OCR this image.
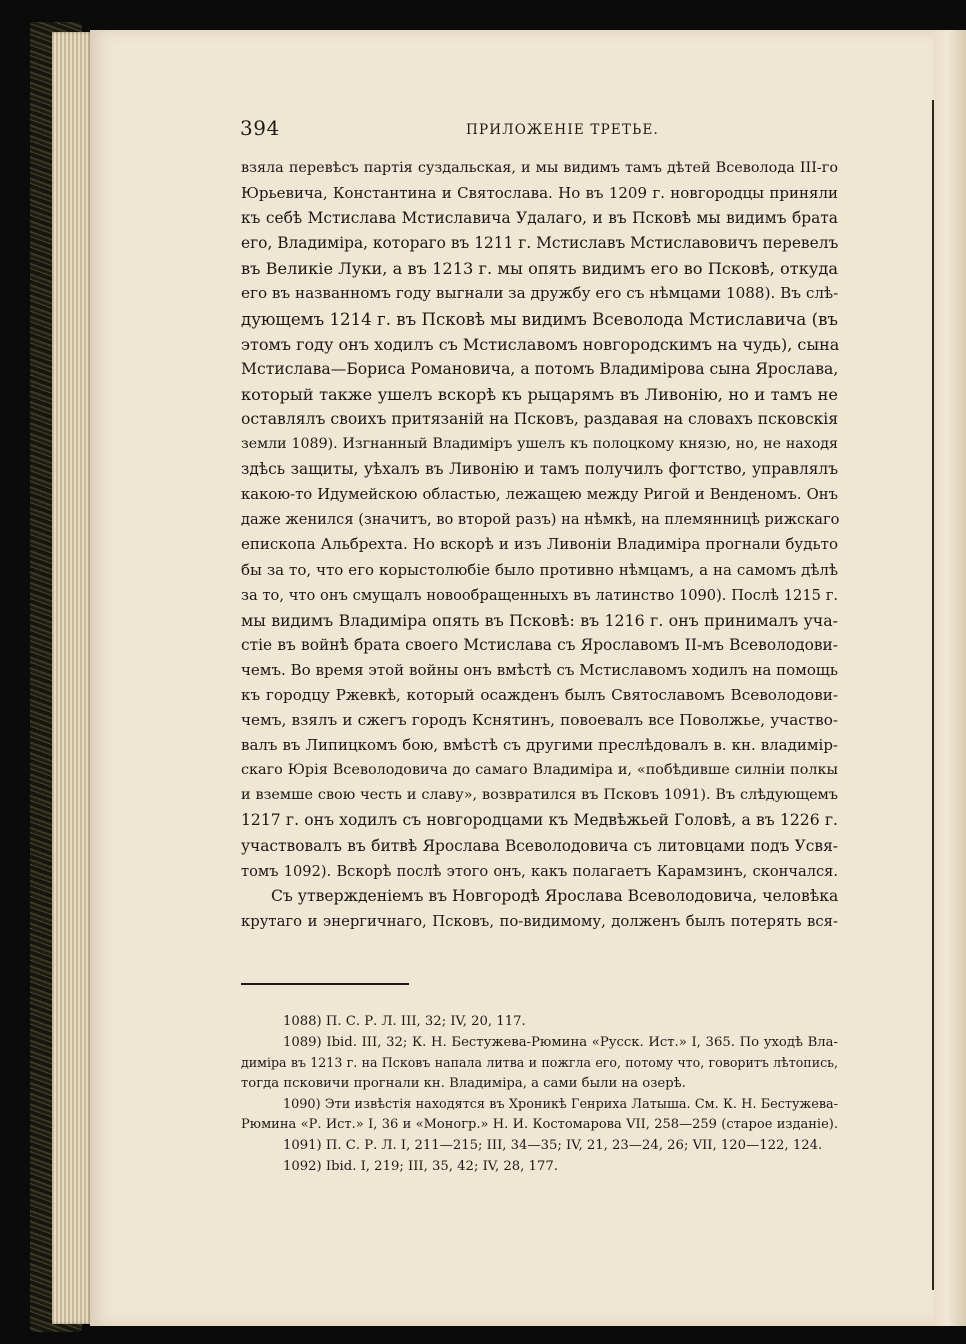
394	ПРИЛОЖЕНІЕ ТРЕТЬЕ.
взяла перевѣсъ партія суздальская, и мы видимъ тамъ дѣтей Всеволода III-го
Юрьевича, Константина и Святослава. Но въ 1209 г. новгородцы приняли
къ себѣ Мстислава Мстиславича Удалаго, и въ Псковѣ мы видимъ брата
его, Владиміра, котораго въ 1211 г. Мстиславъ Мстиславовичъ перевелъ
въ Великіе Луки, а въ 1213 г. мы опять видимъ его во Псковѣ, откуда
его въ названномъ году выгнали за дружбу его съ нѣмцами 1088). Въ слѣ-
дующемъ 1214 г. въ Псковѣ мы видимъ Всеволода Мстиславича (въ
этомъ году онъ ходилъ съ Мстиславомъ новгородскимъ на чудь), сына
Мстислава—Бориса Романовича, а потомъ Владимірова сына Ярослава,
который также ушелъ вскорѣ къ рыцарямъ въ Ливонію, но и тамъ не
оставлялъ своихъ притязаній на Псковъ, раздавая на словахъ псковскія
земли 1089). Изгнанный Владиміръ ушелъ къ полоцкому князю, но, не находя
здѣсь защиты, уѣхалъ въ Ливонію и тамъ получилъ фогтство, управлялъ
какою-то Идумейскою областью, лежащею между Ригой и Венденомъ. Онъ
даже женился (значитъ, во второй разъ) на нѣмкѣ, на племянницѣ рижскаго
епископа Альбрехта. Но вскорѣ и изъ Ливоніи Владиміра прогнали будьто
бы за то, что его корыстолюбіе было противно нѣмцамъ, а на самомъ дѣлѣ
за то, что онъ смущалъ новообращенныхъ въ латинство 1090). Послѣ 1215 г.
мы видимъ Владиміра опять въ Псковѣ: въ 1216 г. онъ принималъ уча-
стіе въ войнѣ брата своего Мстислава съ Ярославомъ II-мъ Всеволодови-
чемъ. Во время этой войны онъ вмѣстѣ съ Мстиславомъ ходилъ на помощь
къ городцу Ржевкѣ, который осажденъ былъ Святославомъ Всеволодови-
чемъ, взялъ и сжегъ городъ Кснятинъ, повоевалъ все Поволжье, участво-
валъ въ Липицкомъ бою, вмѣстѣ съ другими преслѣдовалъ в. кн. владимір-
скаго Юрія Всеволодовича до самаго Владиміра и, «побѣдивше силніи полкы
и вземше свою честь и славу», возвратился въ Псковъ 1091). Въ слѣдующемъ
1217 г. онъ ходилъ съ новгородцами къ Медвѣжьей Головѣ, а въ 1226 г.
участвовалъ въ битвѣ Ярослава Всеволодовича съ литовцами подъ Усвя-
томъ 1092). Вскорѣ послѣ этого онъ, какъ полагаетъ Карамзинъ, скончался.
Съ утвержденіемъ въ Новгородѣ Ярослава Всеволодовича, человѣка
крутаго и энергичнаго, Псковъ, по-видимому, долженъ былъ потерять вся-
1088) П. С. Р. Л. III, 32; IV, 20, 117.
1089) Ibid. III, 32; К. Н. Бестужева-Рюмина «Русск. Ист.» I, 365. По уходѣ Вла-
диміра въ 1213 г. на Псковъ напала литва и пожгла его, потому что, говоритъ лѣтопись,
тогда псковичи прогнали кн. Владиміра, а сами были на озерѣ.
1090) Эти извѣстія находятся въ Хроникѣ Генриха Латыша. См. К. Н. Бестужева-
Рюмина «Р. Ист.» I, 36 и «Моногр.» Н. И. Костомарова VII, 258—259 (старое изданіе).
1091) П. С. Р. Л. I, 211—215; III, 34—35; IV, 21, 23—24, 26; VII, 120—122, 124.
1092) Ibid. I, 219; III, 35, 42; IV, 28, 177.
